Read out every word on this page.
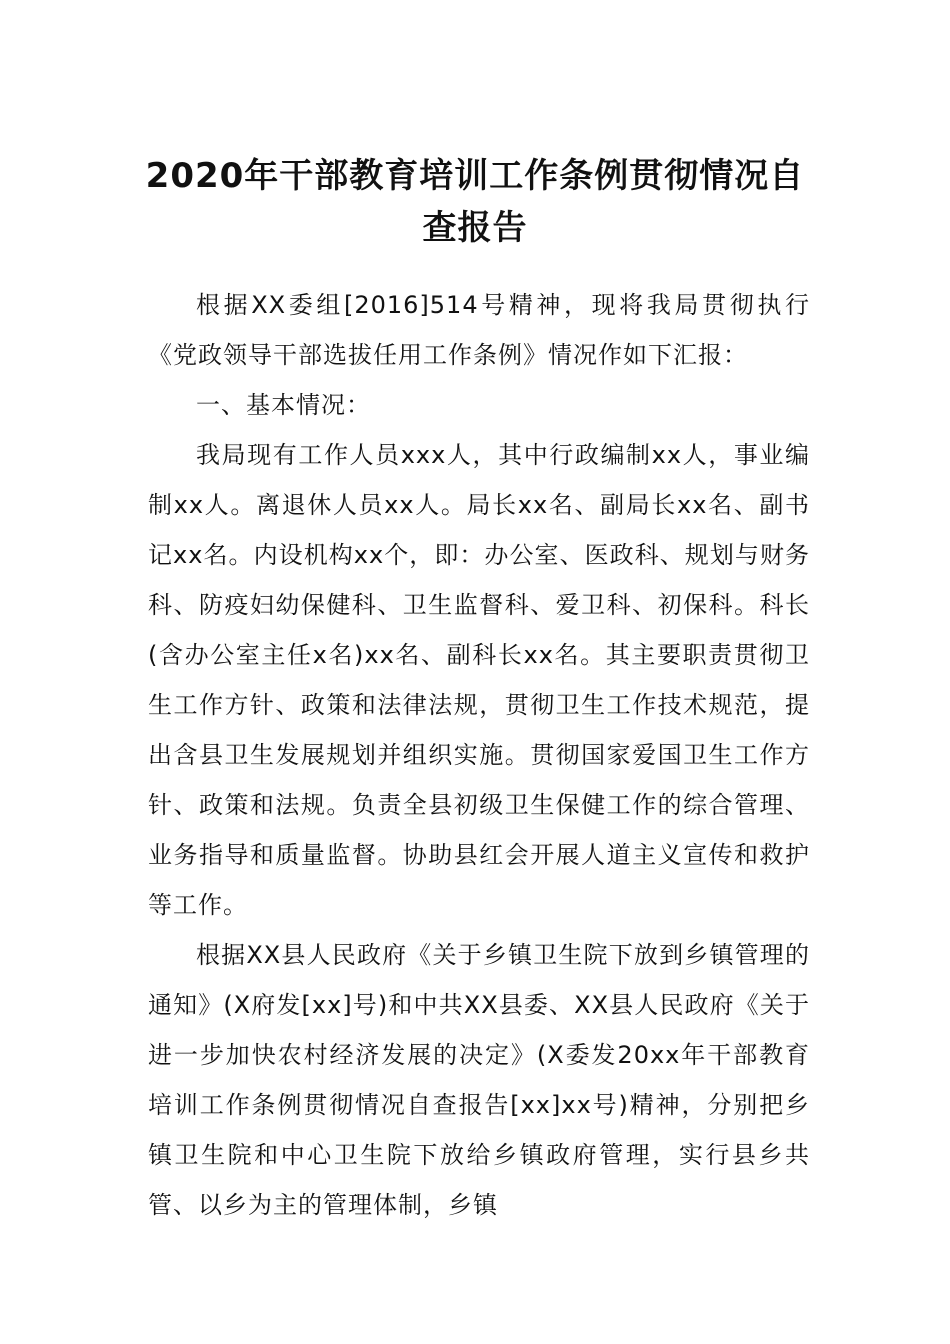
2020年干部教育培训工作条例贯彻情况自查报告

根据XX委组[2016]514号精神，现将我局贯彻执行《党政领导干部选拔任用工作条例》情况作如下汇报：

一、基本情况：

我局现有工作人员xxx人，其中行政编制xx人，事业编制xx人。离退休人员xx人。局长xx名、副局长xx名、副书记xx名。内设机构xx个，即：办公室、医政科、规划与财务科、防疫妇幼保健科、卫生监督科、爱卫科、初保科。科长(含办公室主任x名)xx名、副科长xx名。其主要职责贯彻卫生工作方针、政策和法律法规，贯彻卫生工作技术规范，提出含县卫生发展规划并组织实施。贯彻国家爱国卫生工作方针、政策和法规。负责全县初级卫生保健工作的综合管理、业务指导和质量监督。协助县红会开展人道主义宣传和救护等工作。

根据XX县人民政府《关于乡镇卫生院下放到乡镇管理的通知》(X府发[xx]号)和中共XX县委、XX县人民政府《关于进一步加快农村经济发展的决定》(X委发20xx年干部教育培训工作条例贯彻情况自查报告[xx]xx号)精神，分别把乡镇卫生院和中心卫生院下放给乡镇政府管理，实行县乡共管、以乡为主的管理体制，乡镇
